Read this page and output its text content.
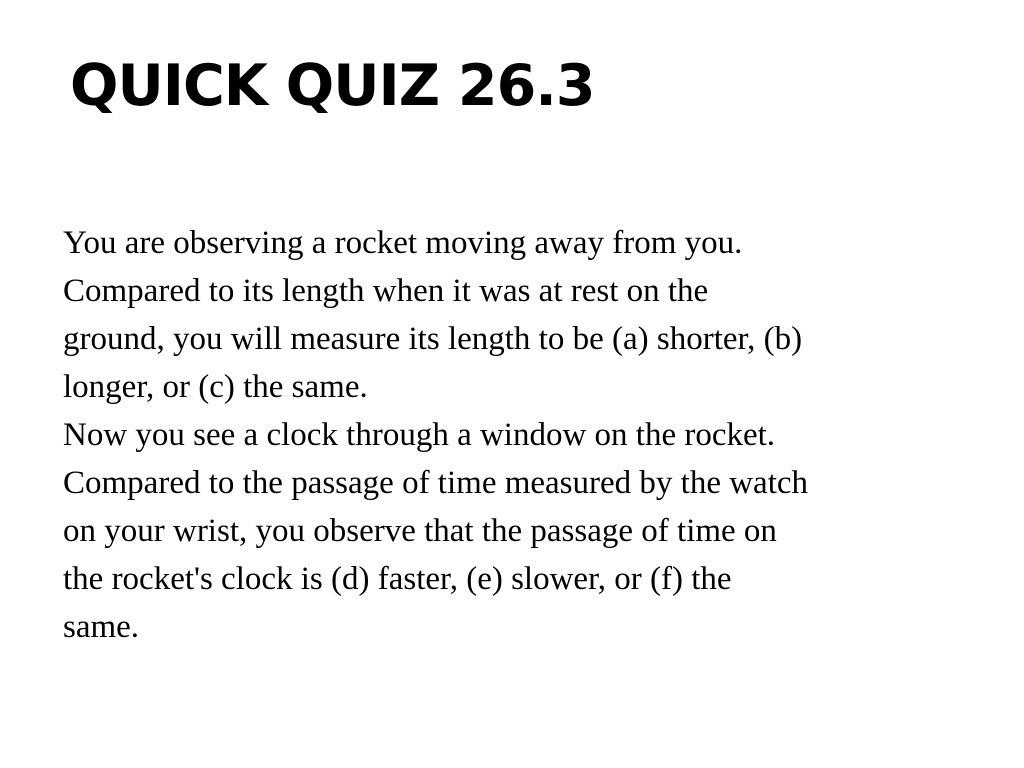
QUICK QUIZ 26.3
You are observing a rocket moving away from you.
Compared to its length when it was at rest on the
ground, you will measure its length to be (a) shorter, (b)
longer, or (c) the same.
Now you see a clock through a window on the rocket.
Compared to the passage of time measured by the watch
on your wrist, you observe that the passage of time on
the rocket's clock is (d) faster, (e) slower, or (f) the
same.
